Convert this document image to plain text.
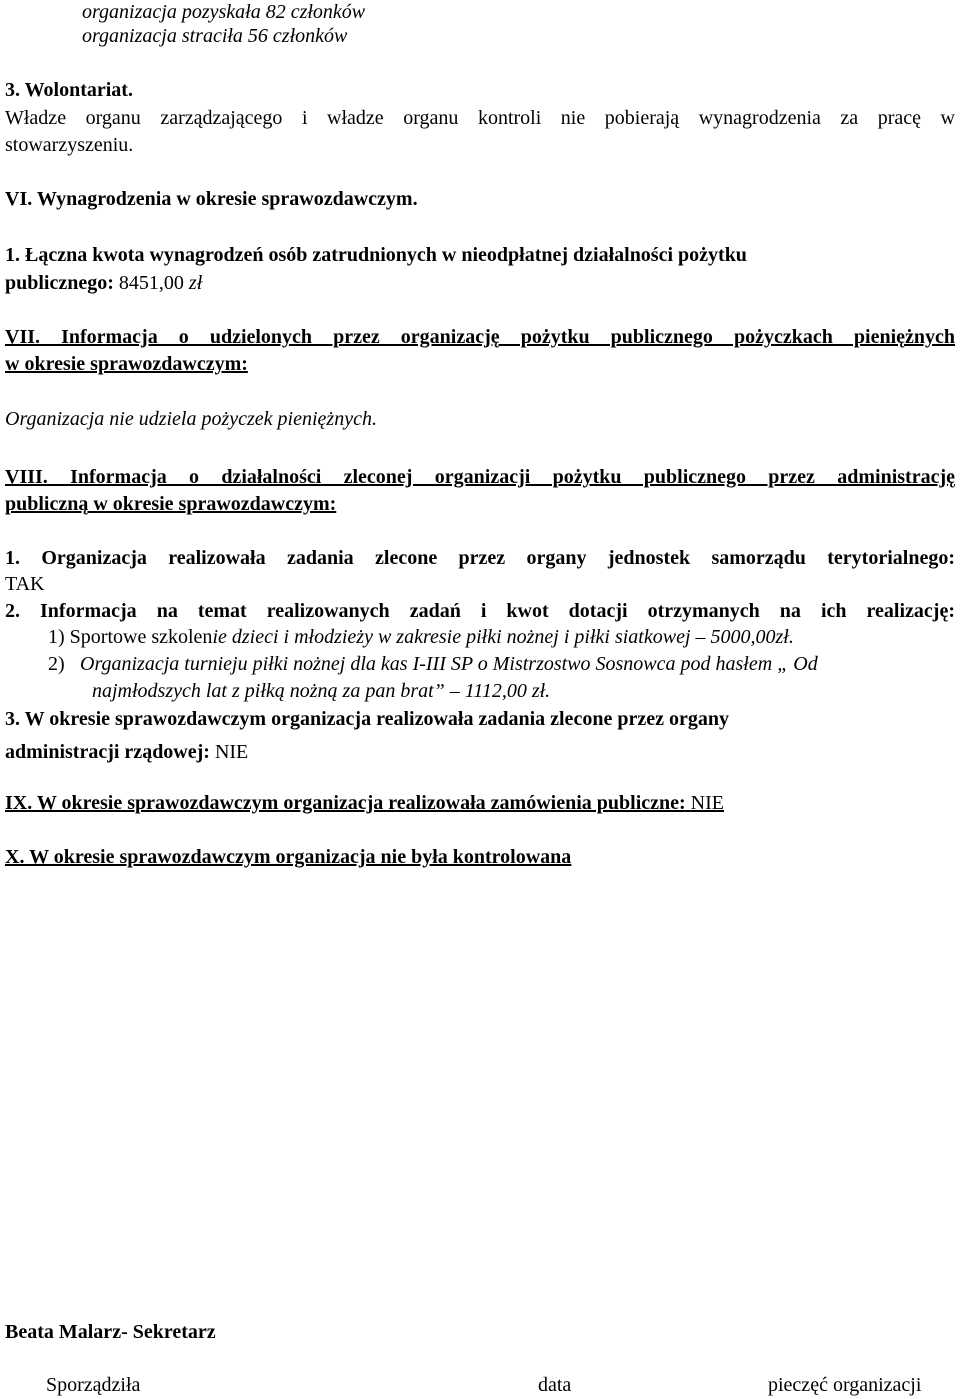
organizacja pozyskała 82 członków
organizacja straciła 56 członków
3. Wolontariat.
Władze organu zarządzającego i władze organu kontroli nie pobierają wynagrodzenia za pracę w
stowarzyszeniu.
VI. Wynagrodzenia w okresie sprawozdawczym.
1. Łączna kwota wynagrodzeń osób zatrudnionych w nieodpłatnej działalności pożytku
publicznego: 8451,00 zł
VII. Informacja o udzielonych przez organizację pożytku publicznego pożyczkach pieniężnych
w okresie sprawozdawczym:
Organizacja nie udziela pożyczek pieniężnych.
VIII. Informacja o działalności zleconej organizacji pożytku publicznego przez administrację
publiczną w okresie sprawozdawczym:
1. Organizacja realizowała zadania zlecone przez organy jednostek samorządu terytorialnego:
TAK
2. Informacja na temat realizowanych zadań i kwot dotacji otrzymanych na ich realizację:
1) Sportowe szkolenie dzieci i młodzieży w zakresie piłki nożnej i piłki siatkowej – 5000,00zł.
2) Organizacja turnieju piłki nożnej dla kas I-III SP o Mistrzostwo Sosnowca pod hasłem „ Od
najmłodszych lat z piłką nożną za pan brat” – 1112,00 zł.
3. W okresie sprawozdawczym organizacja realizowała zadania zlecone przez organy
administracji rządowej: NIE
IX. W okresie sprawozdawczym organizacja realizowała zamówienia publiczne: NIE
X. W okresie sprawozdawczym organizacja nie była kontrolowana
Beata Malarz- Sekretarz
Sporządziła	data	pieczęć organizacji
